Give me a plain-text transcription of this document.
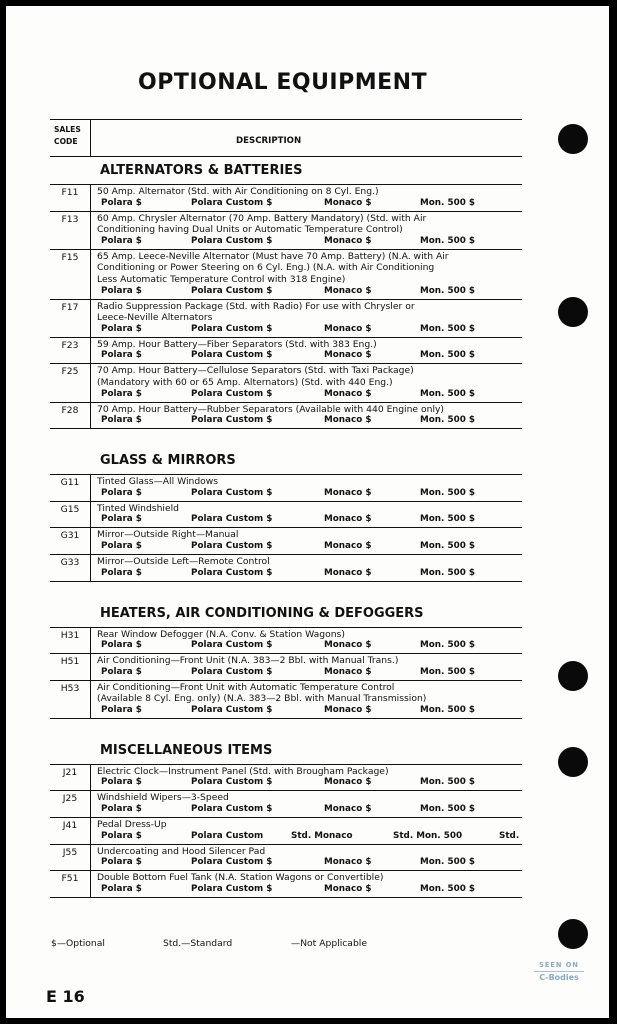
OPTIONAL EQUIPMENT
SALES
CODE	DESCRIPTION
ALTERNATORS & BATTERIES
F11	50 Amp. Alternator (Std. with Air Conditioning on 8 Cyl. Eng.)
Polara $	Polara Custom $	Monaco $	Mon. 500 $
F13	60 Amp. Chrysler Alternator (70 Amp. Battery Mandatory) (Std. with Air
Conditioning having Dual Units or Automatic Temperature Control)
Polara $	Polara Custom $	Monaco $	Mon. 500 $
F15	65 Amp. Leece-Neville Alternator (Must have 70 Amp. Battery) (N.A. with Air
Conditioning or Power Steering on 6 Cyl. Eng.) (N.A. with Air Conditioning
Less Automatic Temperature Control with 318 Engine)
Polara $	Polara Custom $	Monaco $	Mon. 500 $
F17	Radio Suppression Package (Std. with Radio) For use with Chrysler or
Leece-Neville Alternators
Polara $	Polara Custom $	Monaco $	Mon. 500 $
F23	59 Amp. Hour Battery—Fiber Separators (Std. with 383 Eng.)
Polara $	Polara Custom $	Monaco $	Mon. 500 $
F25	70 Amp. Hour Battery—Cellulose Separators (Std. with Taxi Package)
(Mandatory with 60 or 65 Amp. Alternators) (Std. with 440 Eng.)
Polara $	Polara Custom $	Monaco $	Mon. 500 $
F28	70 Amp. Hour Battery—Rubber Separators (Available with 440 Engine only)
Polara $	Polara Custom $	Monaco $	Mon. 500 $
GLASS & MIRRORS
G11	Tinted Glass—All Windows
Polara $	Polara Custom $	Monaco $	Mon. 500 $
G15	Tinted Windshield
Polara $	Polara Custom $	Monaco $	Mon. 500 $
G31	Mirror—Outside Right—Manual
Polara $	Polara Custom $	Monaco $	Mon. 500 $
G33	Mirror—Outside Left—Remote Control
Polara $	Polara Custom $	Monaco $	Mon. 500 $
HEATERS, AIR CONDITIONING & DEFOGGERS
H31	Rear Window Defogger (N.A. Conv. & Station Wagons)
Polara $	Polara Custom $	Monaco $	Mon. 500 $
H51	Air Conditioning—Front Unit (N.A. 383—2 Bbl. with Manual Trans.)
Polara $	Polara Custom $	Monaco $	Mon. 500 $
H53	Air Conditioning—Front Unit with Automatic Temperature Control
(Available 8 Cyl. Eng. only) (N.A. 383—2 Bbl. with Manual Transmission)
Polara $	Polara Custom $	Monaco $	Mon. 500 $
MISCELLANEOUS ITEMS
J21	Electric Clock—Instrument Panel (Std. with Brougham Package)
Polara $	Polara Custom $	Monaco $	Mon. 500 $
J25	Windshield Wipers—3-Speed
Polara $	Polara Custom $	Monaco $	Mon. 500 $
J41	Pedal Dress-Up
Polara $	Polara Custom	Std. Monaco	Std. Mon. 500	Std.
J55	Undercoating and Hood Silencer Pad
Polara $	Polara Custom $	Monaco $	Mon. 500 $
F51	Double Bottom Fuel Tank (N.A. Station Wagons or Convertible)
Polara $	Polara Custom $	Monaco $	Mon. 500 $
$—Optional	Std.—Standard	—Not Applicable
E 16
SEEN ON
C-Bodies
